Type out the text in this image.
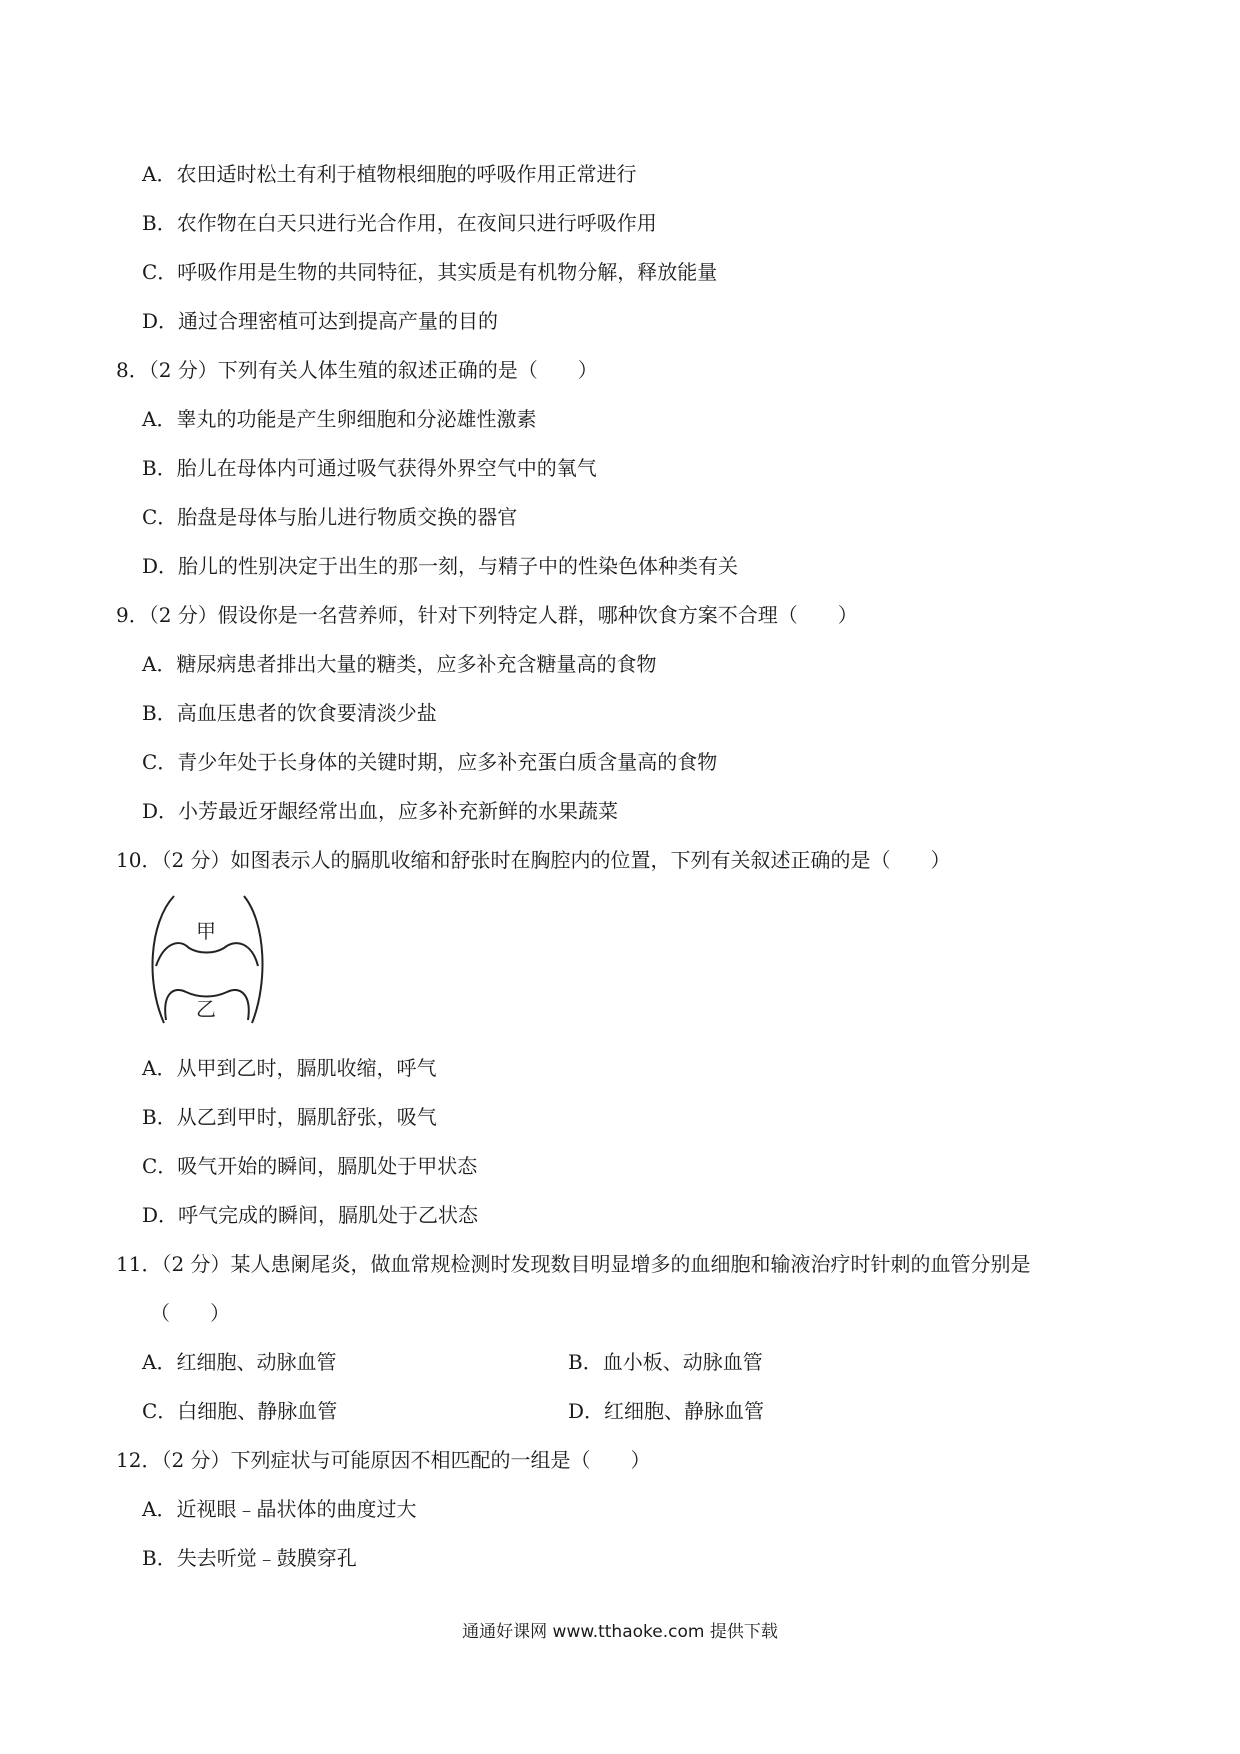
A．农田适时松土有利于植物根细胞的呼吸作用正常进行
B．农作物在白天只进行光合作用，在夜间只进行呼吸作用
C．呼吸作用是生物的共同特征，其实质是有机物分解，释放能量
D．通过合理密植可达到提高产量的目的
8．（2 分）下列有关人体生殖的叙述正确的是（　　）
A．睾丸的功能是产生卵细胞和分泌雄性激素
B．胎儿在母体内可通过吸气获得外界空气中的氧气
C．胎盘是母体与胎儿进行物质交换的器官
D．胎儿的性别决定于出生的那一刻，与精子中的性染色体种类有关
9．（2 分）假设你是一名营养师，针对下列特定人群，哪种饮食方案不合理（　　）
A．糖尿病患者排出大量的糖类，应多补充含糖量高的食物
B．高血压患者的饮食要清淡少盐
C．青少年处于长身体的关键时期，应多补充蛋白质含量高的食物
D．小芳最近牙龈经常出血，应多补充新鲜的水果蔬菜
10．（2 分）如图表示人的膈肌收缩和舒张时在胸腔内的位置，下列有关叙述正确的是（　　）
甲
乙
A．从甲到乙时，膈肌收缩，呼气
B．从乙到甲时，膈肌舒张，吸气
C．吸气开始的瞬间，膈肌处于甲状态
D．呼气完成的瞬间，膈肌处于乙状态
11．（2 分）某人患阑尾炎，做血常规检测时发现数目明显增多的血细胞和输液治疗时针刺的血管分别是
（　　）
A．红细胞、动脉血管	B．血小板、动脉血管
C．白细胞、静脉血管	D．红细胞、静脉血管
12．（2 分）下列症状与可能原因不相匹配的一组是（　　）
A．近视眼﹣晶状体的曲度过大
B．失去听觉﹣鼓膜穿孔
通通好课网 www.tthaoke.com 提供下载
